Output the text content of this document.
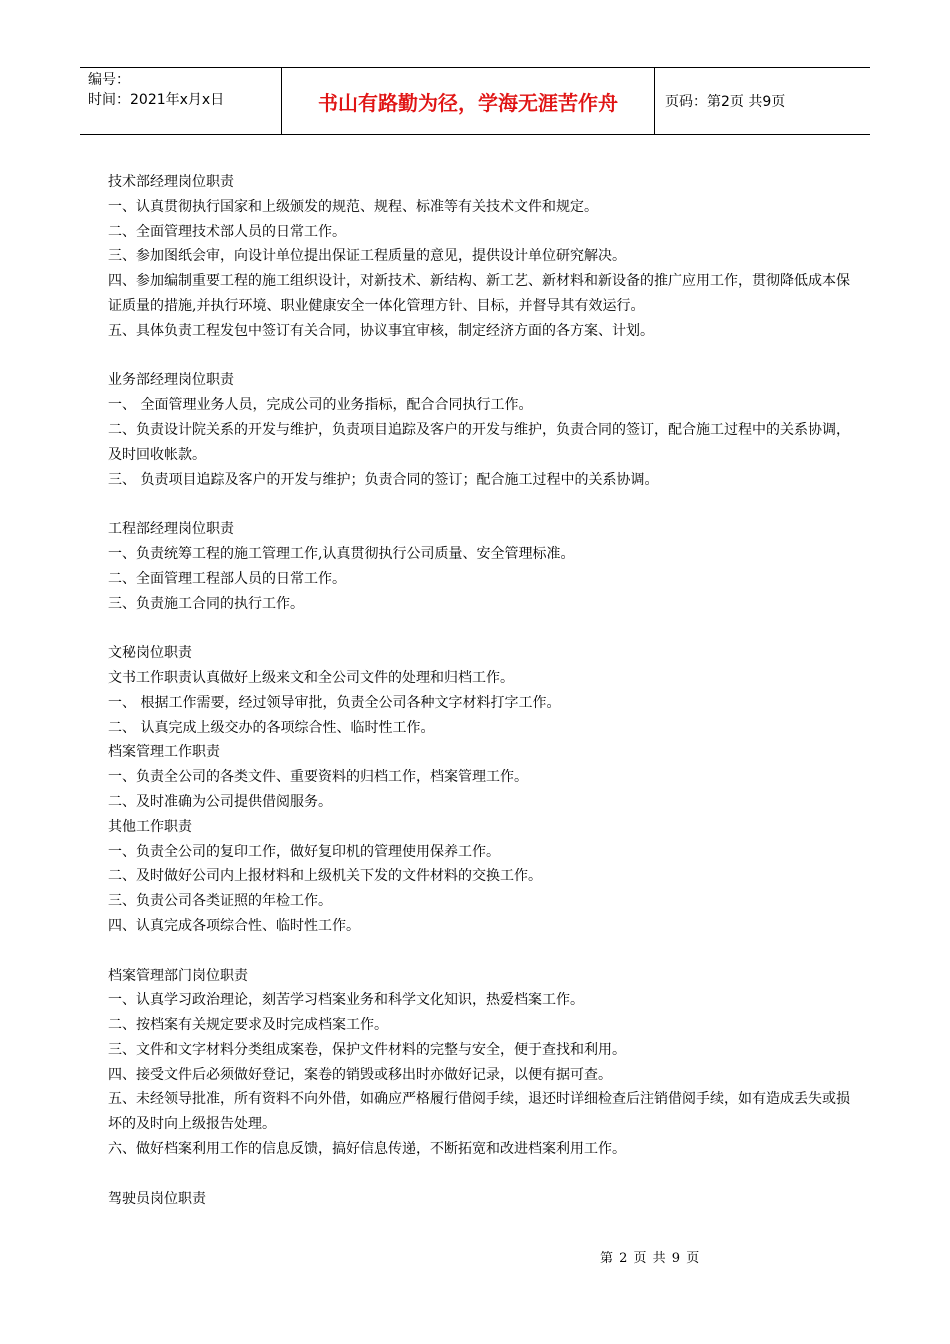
编号：
时间：2021年x月x日	书山有路勤为径，学海无涯苦作舟	页码：第2页 共9页
技术部经理岗位职责
一、认真贯彻执行国家和上级颁发的规范、规程、标准等有关技术文件和规定。
二、全面管理技术部人员的日常工作。
三、参加图纸会审，向设计单位提出保证工程质量的意见，提供设计单位研究解决。
四、参加编制重要工程的施工组织设计，对新技术、新结构、新工艺、新材料和新设备的推广应用工作，贯彻降低成本保证质量的措施,并执行环境、职业健康安全一体化管理方针、目标，并督导其有效运行。
五、具体负责工程发包中签订有关合同，协议事宜审核，制定经济方面的各方案、计划。
业务部经理岗位职责
一、 全面管理业务人员，完成公司的业务指标，配合合同执行工作。
二、负责设计院关系的开发与维护，负责项目追踪及客户的开发与维护，负责合同的签订，配合施工过程中的关系协调，及时回收帐款。
三、 负责项目追踪及客户的开发与维护；负责合同的签订；配合施工过程中的关系协调。
工程部经理岗位职责
一、负责统筹工程的施工管理工作,认真贯彻执行公司质量、安全管理标准。
二、全面管理工程部人员的日常工作。
三、负责施工合同的执行工作。
文秘岗位职责
文书工作职责认真做好上级来文和全公司文件的处理和归档工作。
一、 根据工作需要，经过领导审批，负责全公司各种文字材料打字工作。
二、 认真完成上级交办的各项综合性、临时性工作。
档案管理工作职责
一、负责全公司的各类文件、重要资料的归档工作，档案管理工作。
二、及时准确为公司提供借阅服务。
其他工作职责
一、负责全公司的复印工作，做好复印机的管理使用保养工作。
二、及时做好公司内上报材料和上级机关下发的文件材料的交换工作。
三、负责公司各类证照的年检工作。
四、认真完成各项综合性、临时性工作。
档案管理部门岗位职责
一、认真学习政治理论，刻苦学习档案业务和科学文化知识，热爱档案工作。
二、按档案有关规定要求及时完成档案工作。
三、文件和文字材料分类组成案卷，保护文件材料的完整与安全，便于查找和利用。
四、接受文件后必须做好登记，案卷的销毁或移出时亦做好记录，以便有据可查。
五、未经领导批准，所有资料不向外借，如确应严格履行借阅手续，退还时详细检查后注销借阅手续，如有造成丢失或损坏的及时向上级报告处理。
六、做好档案利用工作的信息反馈，搞好信息传递，不断拓宽和改进档案利用工作。
驾驶员岗位职责
第 2 页 共 9 页
